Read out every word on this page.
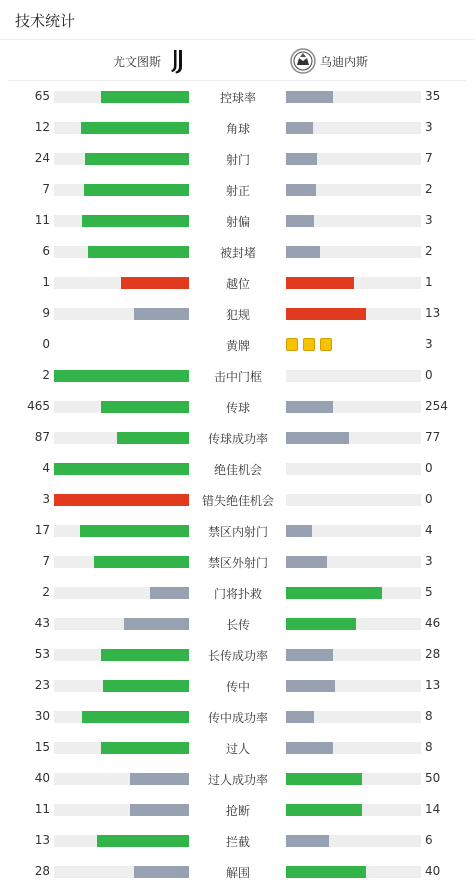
技术统计
尤文图斯	乌迪内斯
65	控球率	35
12	角球	3
24	射门	7
7	射正	2
11	射偏	3
6	被封堵	2
1	越位	1
9	犯规	13
0	黄牌	3
2	击中门框	0
465	传球	254
87	传球成功率	77
4	绝佳机会	0
3	错失绝佳机会	0
17	禁区内射门	4
7	禁区外射门	3
2	门将扑救	5
43	长传	46
53	长传成功率	28
23	传中	13
30	传中成功率	8
15	过人	8
40	过人成功率	50
11	抢断	14
13	拦截	6
28	解围	40
